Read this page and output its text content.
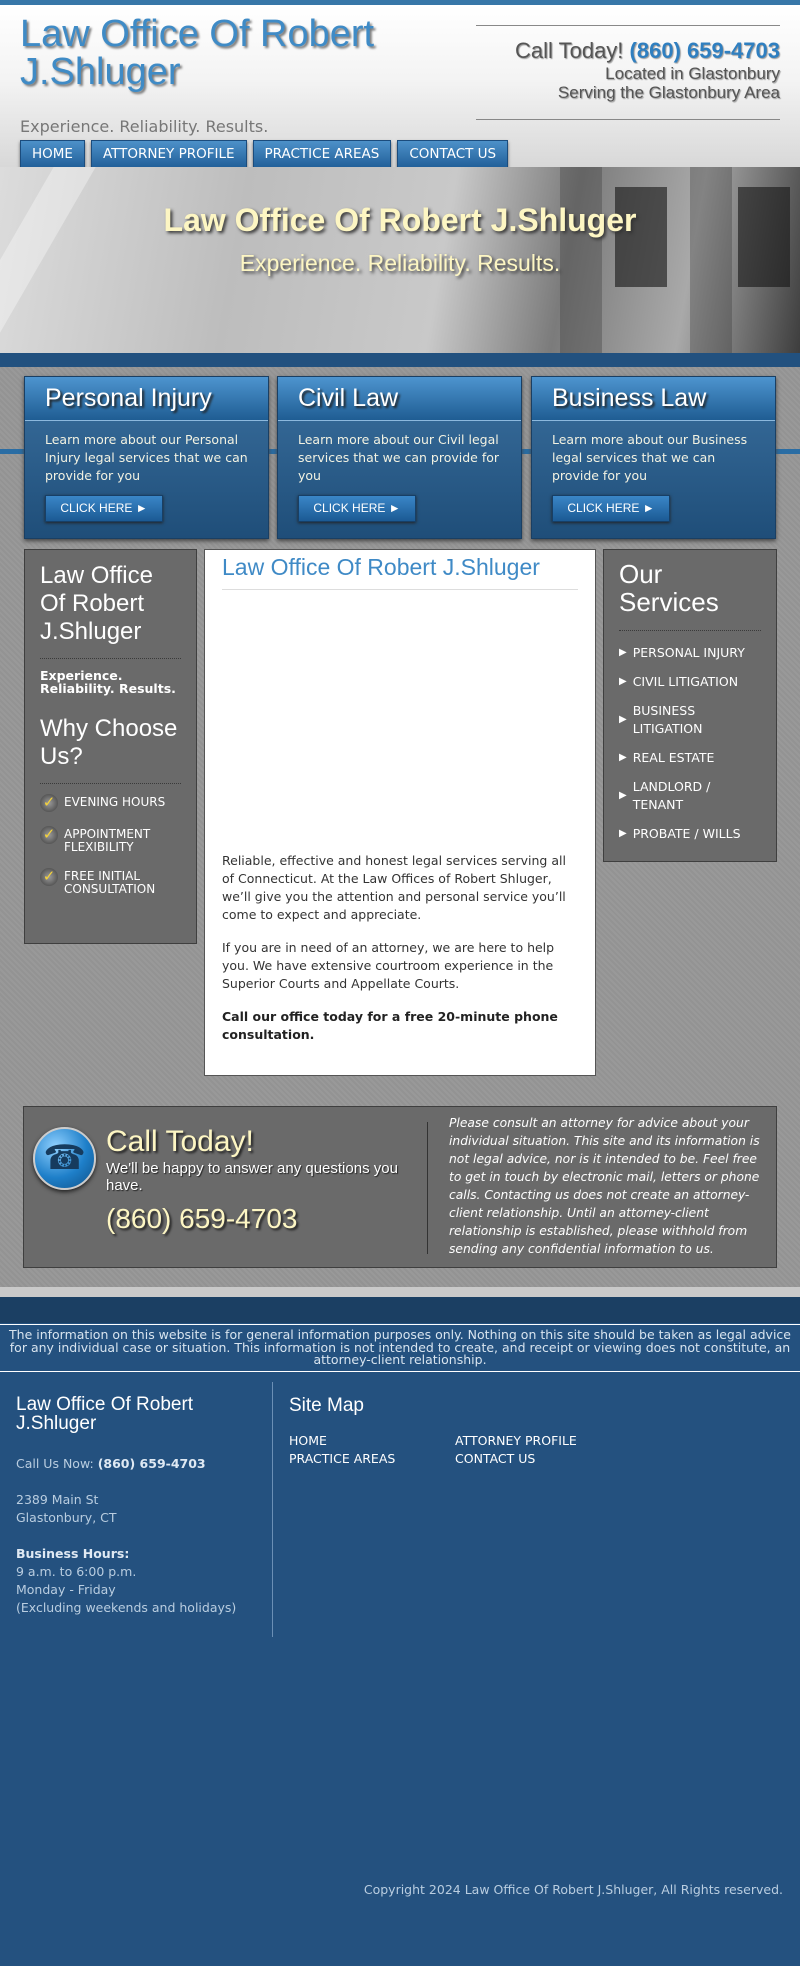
Law Office Of Robert J.Shluger
Experience. Reliability. Results.
Call Today! (860) 659-4703
Located in Glastonbury
Serving the Glastonbury Area
HOME	ATTORNEY PROFILE	PRACTICE AREAS	CONTACT US
Law Office Of Robert J.Shluger
Experience. Reliability. Results.
Personal Injury
Learn more about our Personal Injury legal services that we can provide for you
CLICK HERE ►
Civil Law
Learn more about our Civil legal services that we can provide for you
CLICK HERE ►
Business Law
Learn more about our Business legal services that we can provide for you
CLICK HERE ►
Law Office Of Robert J.Shluger
Experience. Reliability. Results.
Why Choose Us?
✓ EVENING HOURS
✓ APPOINTMENT FLEXIBILITY
✓ FREE INITIAL CONSULTATION
Law Office Of Robert J.Shluger

Reliable, effective and honest legal services serving all of Connecticut. At the Law Offices of Robert Shluger, we’ll give you the attention and personal service you’ll come to expect and appreciate.

If you are in need of an attorney, we are here to help you. We have extensive courtroom experience in the Superior Courts and Appellate Courts.

Call our office today for a free 20-minute phone consultation.

Our Services
▶ PERSONAL INJURY
▶ CIVIL LITIGATION
▶
BUSINESS LITIGATION
▶ REAL ESTATE
▶
LANDLORD / TENANT
▶ PROBATE / WILLS
☎ Call Today!
We'll be happy to answer any questions you have.
(860) 659-4703
Please consult an attorney for advice about your individual situation. This site and its information is not legal advice, nor is it intended to be. Feel free to get in touch by electronic mail, letters or phone calls. Contacting us does not create an attorney-client relationship. Until an attorney-client relationship is established, please withhold from sending any confidential information to us.
The information on this website is for general information purposes only. Nothing on this site should be taken as legal advice for any individual case or situation. This information is not intended to create, and receipt or viewing does not constitute, an attorney-client relationship.
Law Office Of Robert J.Shluger
Call Us Now: (860) 659-4703
2389 Main St
Glastonbury, CT
Business Hours:
9 a.m. to 6:00 p.m.
Monday - Friday
(Excluding weekends and holidays)
Site Map
HOME	ATTORNEY PROFILE
PRACTICE AREAS	CONTACT US
Copyright 2024 Law Office Of Robert J.Shluger, All Rights reserved.
